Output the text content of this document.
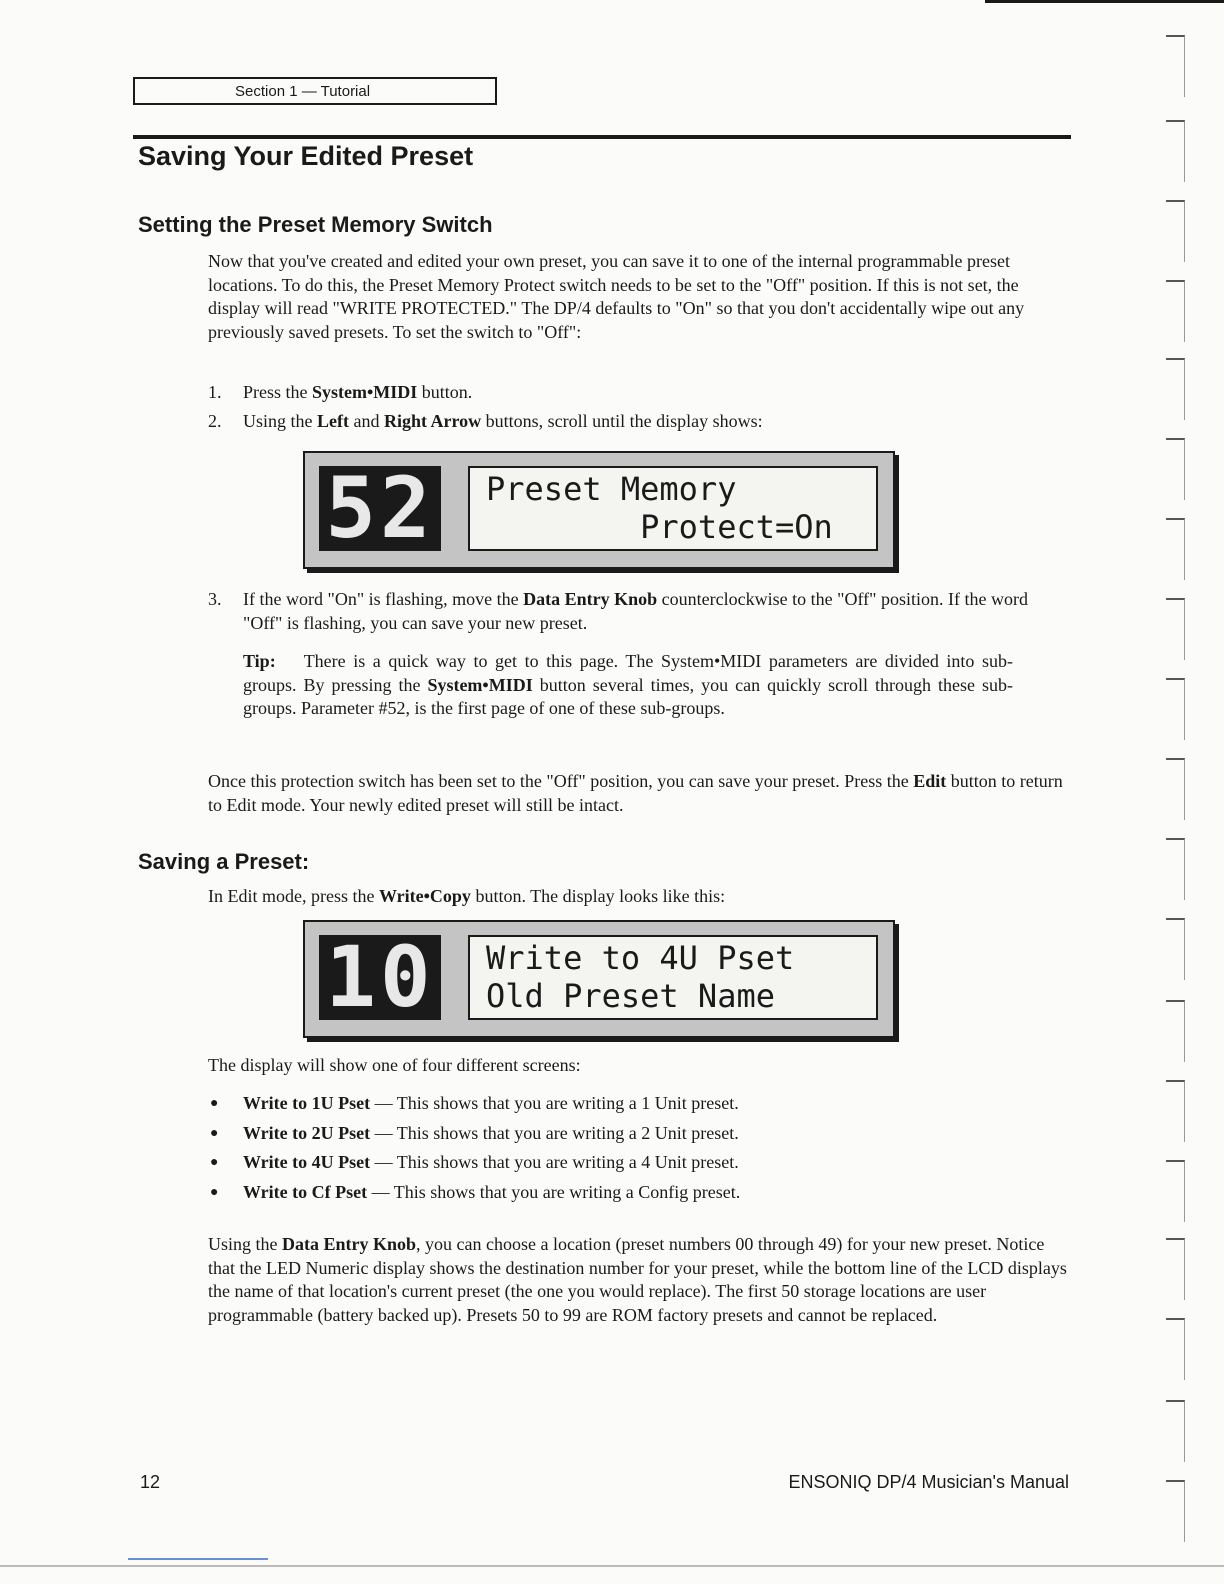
Section 1 — Tutorial
Saving Your Edited Preset
Setting the Preset Memory Switch

Now that you've created and edited your own preset, you can save it to one of the internal programmable preset locations. To do this, the Preset Memory Protect switch needs to be set to the "Off" position. If this is not set, the display will read "WRITE PROTECTED." The DP/4 defaults to "On" so that you don't accidentally wipe out any previously saved presets. To set the switch to "Off":

1. Press the System•MIDI button.
2. Using the Left and Right Arrow buttons, scroll until the display shows:
52 Preset Memory
Protect=On
3. If the word "On" is flashing, move the Data Entry Knob counterclockwise to the "Off" position. If the word "Off" is flashing, you can save your new preset.
Tip: There is a quick way to get to this page. The System•MIDI parameters are divided into sub-groups. By pressing the System•MIDI button several times, you can quickly scroll through these sub-groups. Parameter #52, is the first page of one of these sub-groups.

Once this protection switch has been set to the "Off" position, you can save your preset. Press the Edit button to return to Edit mode. Your newly edited preset will still be intact.

Saving a Preset:

In Edit mode, press the Write•Copy button. The display looks like this:

10 Write to 4U Pset
Old Preset Name

The display will show one of four different screens:

● Write to 1U Pset — This shows that you are writing a 1 Unit preset.
● Write to 2U Pset — This shows that you are writing a 2 Unit preset.
● Write to 4U Pset — This shows that you are writing a 4 Unit preset.
● Write to Cf Pset — This shows that you are writing a Config preset.

Using the Data Entry Knob, you can choose a location (preset numbers 00 through 49) for your new preset. Notice that the LED Numeric display shows the destination number for your preset, while the bottom line of the LCD displays the name of that location's current preset (the one you would replace). The first 50 storage locations are user programmable (battery backed up). Presets 50 to 99 are ROM factory presets and cannot be replaced.

12	ENSONIQ DP/4 Musician's Manual
